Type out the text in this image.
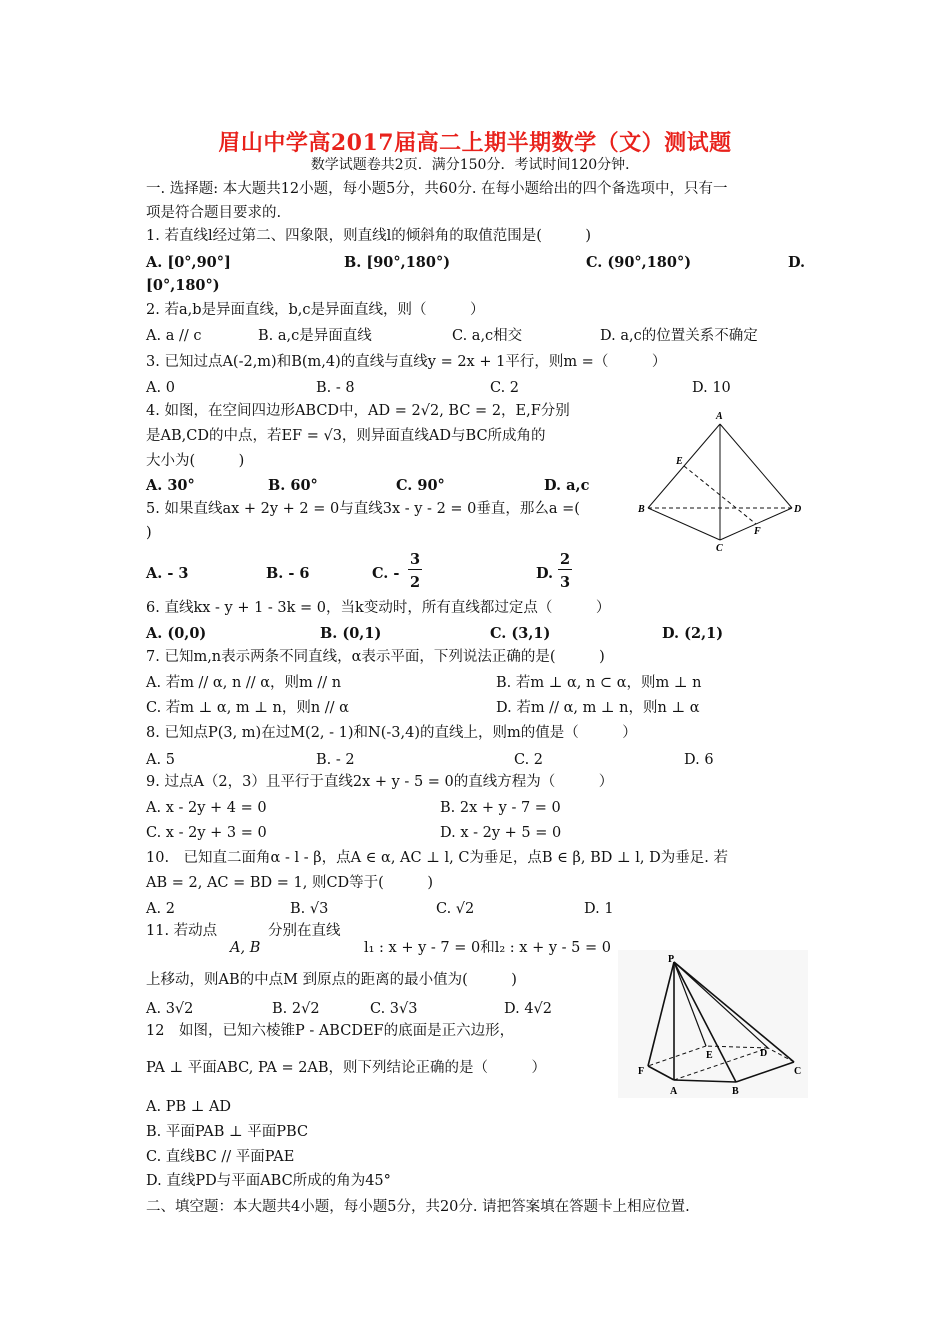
眉山中学高2017届高二上期半期数学（文）测试题
数学试题卷共2页．满分150分．考试时间120分钟．
一. 选择题: 本大题共12小题，每小题5分，共60分. 在每小题给出的四个备选项中，只有一
项是符合题目要求的.
1. 若直线l经过第二、四象限，则直线l的倾斜角的取值范围是(　　　)
A. [0°,90°]	B. [90°,180°)	C. (90°,180°)	D.
[0°,180°)
2. 若a,b是异面直线，b,c是异面直线，则（　　　）
A. a // c	B. a,c是异面直线	C. a,c相交	D. a,c的位置关系不确定
3. 已知过点A(-2,m)和B(m,4)的直线与直线y = 2x + 1平行，则m =（　　　）
A. 0	B. - 8	C. 2	D. 10
4. 如图，在空间四边形ABCD中，AD = 2√2, BC = 2，E,F分别
是AB,CD的中点，若EF = √3，则异面直线AD与BC所成角的
大小为(　　　)
A. 30°	B. 60°	C. 90°	D. a,c
A
E
B
C
D
F
5. 如果直线ax + 2y + 2 = 0与直线3x - y - 2 = 0垂直，那么a =(
)
A. - 3	B. - 6	C. -
3
2
D.
2
3
6. 直线kx - y + 1 - 3k = 0，当k变动时，所有直线都过定点（　　　）
A. (0,0)	B. (0,1)	C. (3,1)	D. (2,1)
7. 已知m,n表示两条不同直线，α表示平面，下列说法正确的是(　　　)
A. 若m // α, n // α，则m // n	B. 若m ⊥ α, n ⊂ α，则m ⊥ n
C. 若m ⊥ α, m ⊥ n，则n // α	D. 若m // α, m ⊥ n，则n ⊥ α
8. 已知点P(3, m)在过M(2, - 1)和N(-3,4)的直线上，则m的值是（　　　）
A. 5	B. - 2	C. 2	D. 6
9. 过点A（2，3）且平行于直线2x + y - 5 = 0的直线方程为（　　　）
A. x - 2y + 4 = 0	B. 2x + y - 7 = 0
C. x - 2y + 3 = 0	D. x - 2y + 5 = 0
10.　已知直二面角α - l - β，点A ∈ α, AC ⊥ l, C为垂足，点B ∈ β, BD ⊥ l, D为垂足. 若
AB = 2, AC = BD = 1, 则CD等于(　　　)
A. 2	B. √3	C. √2	D. 1
11. 若动点	分别在直线
A, B	l₁ : x + y - 7 = 0和l₂ : x + y - 5 = 0
上移动，则AB的中点M 到原点的距离的最小值为(　　　)
A. 3√2	B. 2√2	C. 3√3	D. 4√2
P
E	D
F
A	B
C
12　如图，已知六棱锥P - ABCDEF的底面是正六边形，
PA ⊥ 平面ABC, PA = 2AB，则下列结论正确的是（　　　）
A. PB ⊥ AD
B. 平面PAB ⊥ 平面PBC
C. 直线BC // 平面PAE
D. 直线PD与平面ABC所成的角为45°
二、填空题：本大题共4小题，每小题5分，共20分. 请把答案填在答题卡上相应位置.
